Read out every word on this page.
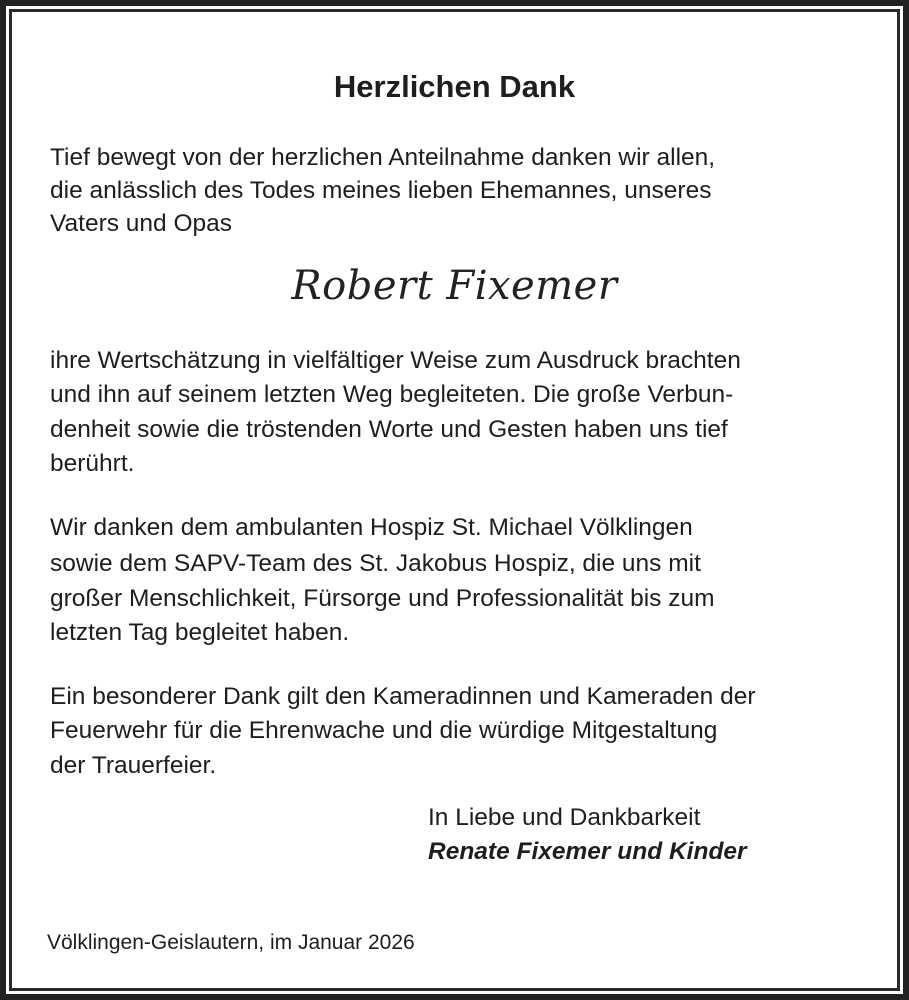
Herzlichen Dank
Tief bewegt von der herzlichen Anteilnahme danken wir allen,
die anlässlich des Todes meines lieben Ehemannes, unseres
Vaters und Opas
Robert Fixemer
ihre Wertschätzung in vielfältiger Weise zum Ausdruck brachten
und ihn auf seinem letzten Weg begleiteten. Die große Verbun-
denheit sowie die tröstenden Worte und Gesten haben uns tief
berührt.
Wir danken dem ambulanten Hospiz St. Michael Völklingen
sowie dem SAPV-Team des St. Jakobus Hospiz, die uns mit
großer Menschlichkeit, Fürsorge und Professionalität bis zum
letzten Tag begleitet haben.
Ein besonderer Dank gilt den Kameradinnen und Kameraden der
Feuerwehr für die Ehrenwache und die würdige Mitgestaltung
der Trauerfeier.
In Liebe und Dankbarkeit
Renate Fixemer und Kinder
Völklingen-Geislautern, im Januar 2026
